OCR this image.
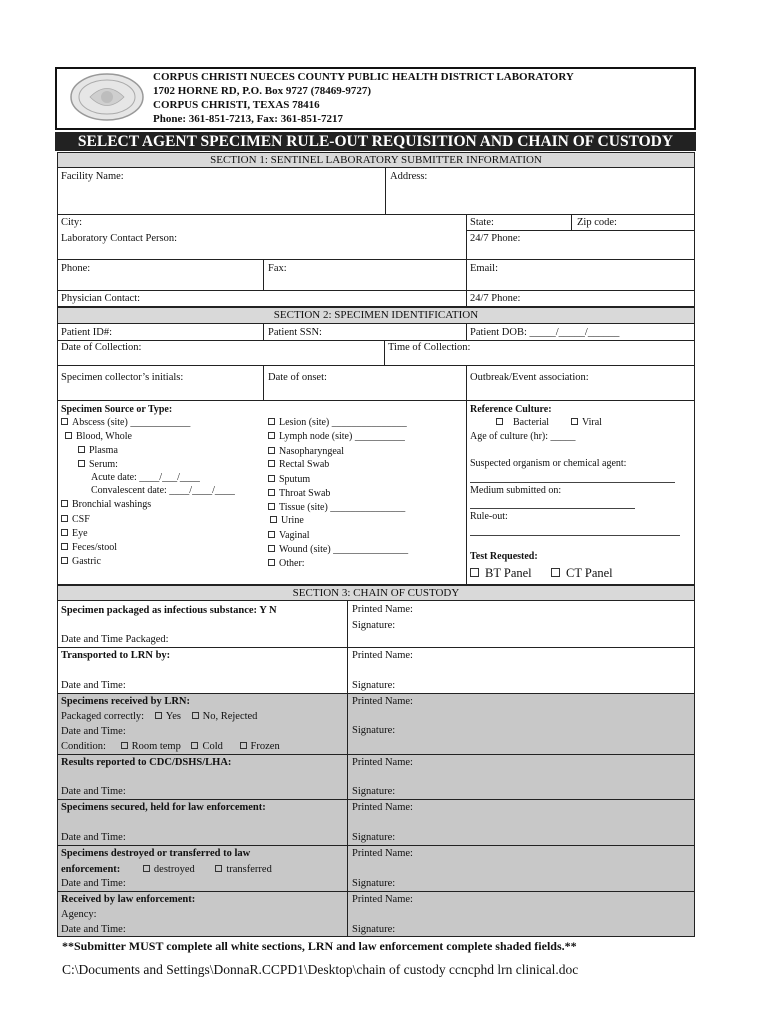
CORPUS CHRISTI NUECES COUNTY PUBLIC HEALTH DISTRICT LABORATORY
1702 HORNE RD, P.O. Box 9727 (78469-9727)
CORPUS CHRISTI, TEXAS 78416
Phone: 361-851-7213, Fax: 361-851-7217
SELECT AGENT SPECIMEN RULE-OUT REQUISITION AND CHAIN OF CUSTODY
SECTION 1: SENTINEL LABORATORY SUBMITTER INFORMATION
Facility Name:	Address:
City:	State:	Zip code:
Laboratory Contact Person:	24/7 Phone:
Phone:	Fax:	Email:
Physician Contact:	24/7 Phone:
SECTION 2: SPECIMEN IDENTIFICATION
Patient ID#:	Patient SSN:	Patient DOB: _____/_____/______
Date of Collection:	Time of Collection:
Specimen collector’s initials:	Date of onset:	Outbreak/Event association:
Specimen Source or Type:
Abscess (site) ____________
Blood, Whole
Plasma
Serum:
Acute date: ____/___/____
Convalescent date: ____/____/____
Bronchial washings
CSF
Eye
Feces/stool
Gastric
Lesion (site) _______________
Lymph node (site) __________
Nasopharyngeal
Rectal Swab
Sputum
Throat Swab
Tissue (site) _______________
Urine
Vaginal
Wound (site) _______________
Other:
Reference Culture:
Bacterial	Viral
Age of culture (hr): _____
Suspected organism or chemical agent:
Medium submitted on:
Rule-out:
Test Requested:
BT Panel	CT Panel
SECTION 3: CHAIN OF CUSTODY
Specimen packaged as infectious substance: Y N
Date and Time Packaged:
Printed Name:
Signature:
Transported to LRN by:
Date and Time:
Printed Name:
Signature:
Specimens received by LRN:
Packaged correctly: Yes No, Rejected
Date and Time:
Condition: Room temp Cold	Frozen
Printed Name:
Signature:
Results reported to CDC/DSHS/LHA:
Date and Time:
Printed Name:
Signature:
Specimens secured, held for law enforcement:
Date and Time:
Printed Name:
Signature:
Specimens destroyed or transferred to law
enforcement:	destroyed	transferred
Date and Time:
Printed Name:
Signature:
Received by law enforcement:
Agency:
Date and Time:
Printed Name:
Signature:
**Submitter MUST complete all white sections, LRN and law enforcement complete shaded fields.**
C:\Documents and Settings\DonnaR.CCPD1\Desktop\chain of custody ccncphd lrn clinical.doc
